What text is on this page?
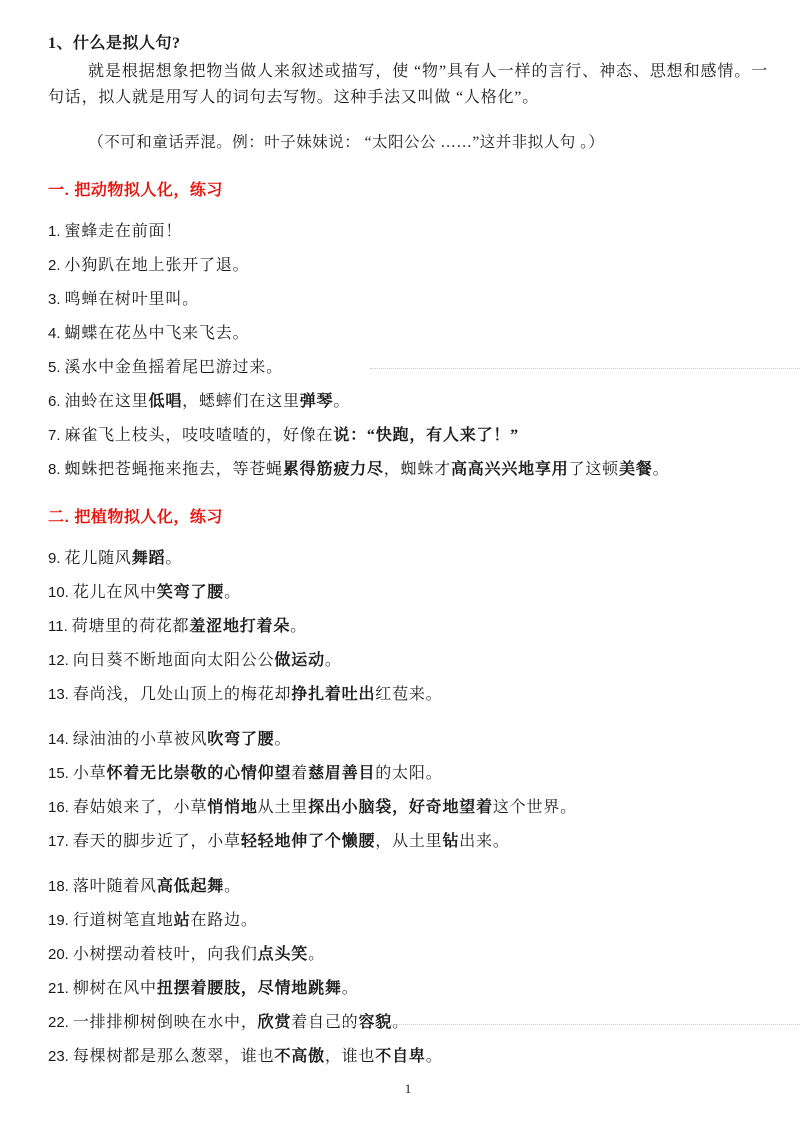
1、什么是拟人句?

就是根据想象把物当做人来叙述或描写，使 “物”具有人一样的言行、神态、思想和感情。一句话，拟人就是用写人的词句去写物。这种手法又叫做 “人格化”。

（不可和童话弄混。例：叶子妹妹说： “太阳公公 ……”这并非拟人句 。）

一. 把动物拟人化，练习
1. 蜜蜂走在前面！
2. 小狗趴在地上张开了退。
3. 鸣蝉在树叶里叫。
4. 蝴蝶在花丛中飞来飞去。
5. 溪水中金鱼摇着尾巴游过来。
6. 油蛉在这里低唱，蟋蟀们在这里弹琴。
7. 麻雀飞上枝头，吱吱喳喳的，好像在说：“快跑，有人来了！”
8. 蜘蛛把苍蝇拖来拖去，等苍蝇累得筋疲力尽，蜘蛛才高高兴兴地享用了这顿美餐。
二. 把植物拟人化，练习
9. 花儿随风舞蹈。
10. 花儿在风中笑弯了腰。
11. 荷塘里的荷花都羞涩地打着朵。
12. 向日葵不断地面向太阳公公做运动。
13. 春尚浅，几处山顶上的梅花却挣扎着吐出红苞来。
14. 绿油油的小草被风吹弯了腰。
15. 小草怀着无比崇敬的心情仰望着慈眉善目的太阳。
16. 春姑娘来了，小草悄悄地从土里探出小脑袋，好奇地望着这个世界。
17. 春天的脚步近了，小草轻轻地伸了个懒腰，从土里钻出来。
18. 落叶随着风高低起舞。
19. 行道树笔直地站在路边。
20. 小树摆动着枝叶，向我们点头笑。
21. 柳树在风中扭摆着腰肢，尽情地跳舞。
22. 一排排柳树倒映在水中，欣赏着自己的容貌。
23. 每棵树都是那么葱翠，谁也不高傲，谁也不自卑。
1
